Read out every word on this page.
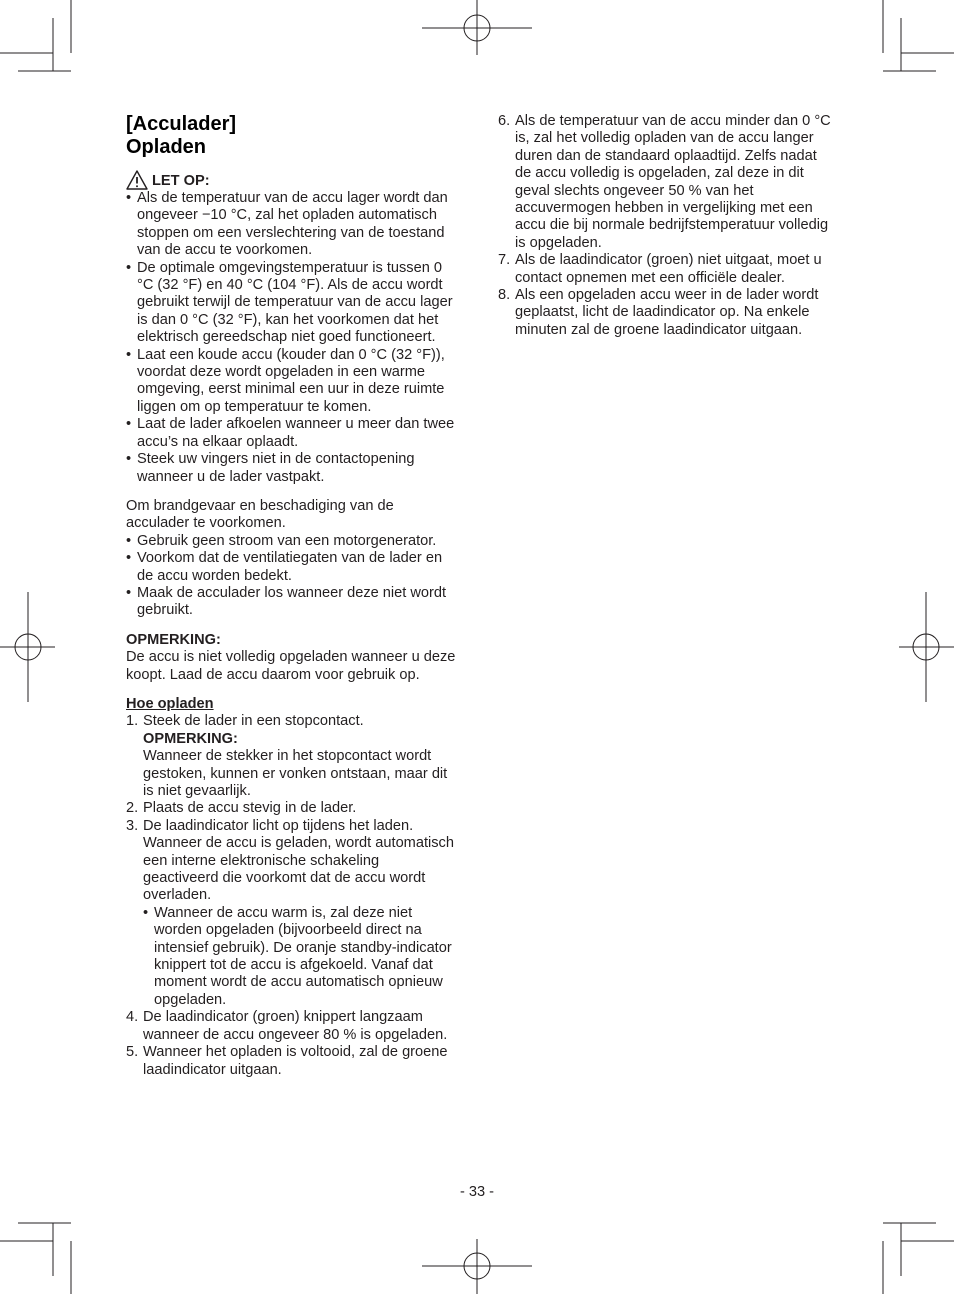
[Acculader]
Opladen
LET OP:
• Als de temperatuur van de accu lager wordt dan ongeveer −10 °C, zal het opladen automatisch stoppen om een verslechtering van de toestand van de accu te voorkomen.
• De optimale omgevingstemperatuur is tussen 0 °C (32 °F) en 40 °C (104 °F). Als de accu wordt gebruikt terwijl de temperatuur van de accu lager is dan 0 °C (32 °F), kan het voorkomen dat het elektrisch gereedschap niet goed functioneert.
• Laat een koude accu (kouder dan 0 °C (32 °F)), voordat deze wordt opgeladen in een warme omgeving, eerst minimal een uur in deze ruimte liggen om op temperatuur te komen.
• Laat de lader afkoelen wanneer u meer dan twee accu’s na elkaar oplaadt.
• Steek uw vingers niet in de contactopening wanneer u de lader vastpakt.

Om brandgevaar en beschadiging van de acculader te voorkomen.

• Gebruik geen stroom van een motorgenerator.
• Voorkom dat de ventilatiegaten van de lader en de accu worden bedekt.
• Maak de acculader los wanneer deze niet wordt gebruikt.

OPMERKING:

De accu is niet volledig opgeladen wanneer u deze koopt. Laad de accu daarom voor gebruik op.

Hoe opladen

1. Steek de lader in een stopcontact.
OPMERKING:
Wanneer de stekker in het stopcontact wordt gestoken, kunnen er vonken ontstaan, maar dit is niet gevaarlijk.
2. Plaats de accu stevig in de lader.
3. De laadindicator licht op tijdens het laden. Wanneer de accu is geladen, wordt automatisch een interne elektronische schakeling geactiveerd die voorkomt dat de accu wordt overladen.
• Wanneer de accu warm is, zal deze niet worden opgeladen (bijvoorbeeld direct na intensief gebruik). De oranje standby-indicator knippert tot de accu is afgekoeld. Vanaf dat moment wordt de accu automatisch opnieuw opgeladen.
4. De laadindicator (groen) knippert langzaam wanneer de accu ongeveer 80 % is opgeladen.
5. Wanneer het opladen is voltooid, zal de groene laadindicator uitgaan.
6. Als de temperatuur van de accu minder dan 0 °C is, zal het volledig opladen van de accu langer duren dan de standaard oplaadtijd. Zelfs nadat de accu volledig is opgeladen, zal deze in dit geval slechts ongeveer 50 % van het accuvermogen hebben in vergelijking met een accu die bij normale bedrijfstemperatuur volledig is opgeladen.
7. Als de laadindicator (groen) niet uitgaat, moet u contact opnemen met een officiële dealer.
8. Als een opgeladen accu weer in de lader wordt geplaatst, licht de laadindicator op. Na enkele minuten zal de groene laadindicator uitgaan.
- 33 -
